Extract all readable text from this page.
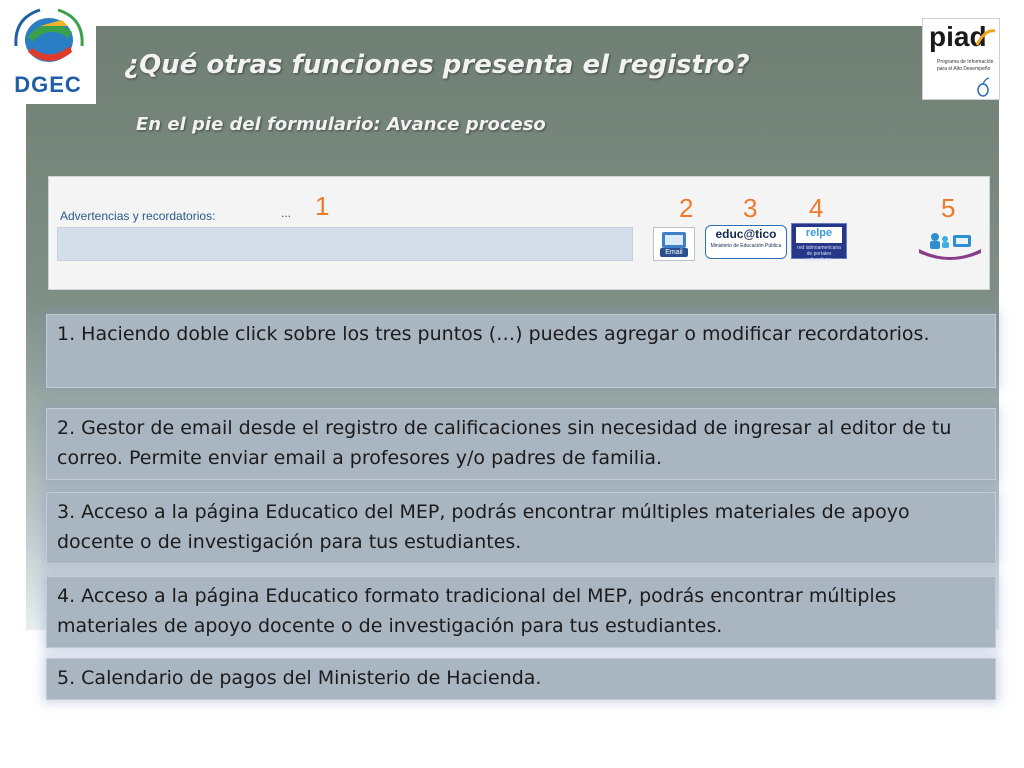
DGEC
piad
Programa de Información para el Alto Desempeño
¿Qué otras funciones presenta el registro?
En el pie del formulario: Avance proceso
Advertencias y recordatorios:	... 1	2 3 4	5
Email
educ@tico
Ministerio de Educación Pública
relpe
red latinoamericana de portales educativos
1. Haciendo doble click sobre los tres puntos (…) puedes agregar o modificar recordatorios.
2. Gestor de email desde el registro de calificaciones sin necesidad de ingresar al editor de tu correo. Permite enviar email a profesores y/o padres de familia.
3. Acceso a la página Educatico del MEP, podrás encontrar múltiples materiales de apoyo docente o de investigación para tus estudiantes.
4. Acceso a la página Educatico formato tradicional del MEP, podrás encontrar múltiples materiales de apoyo docente o de investigación para tus estudiantes.
5. Calendario de pagos del Ministerio de Hacienda.
